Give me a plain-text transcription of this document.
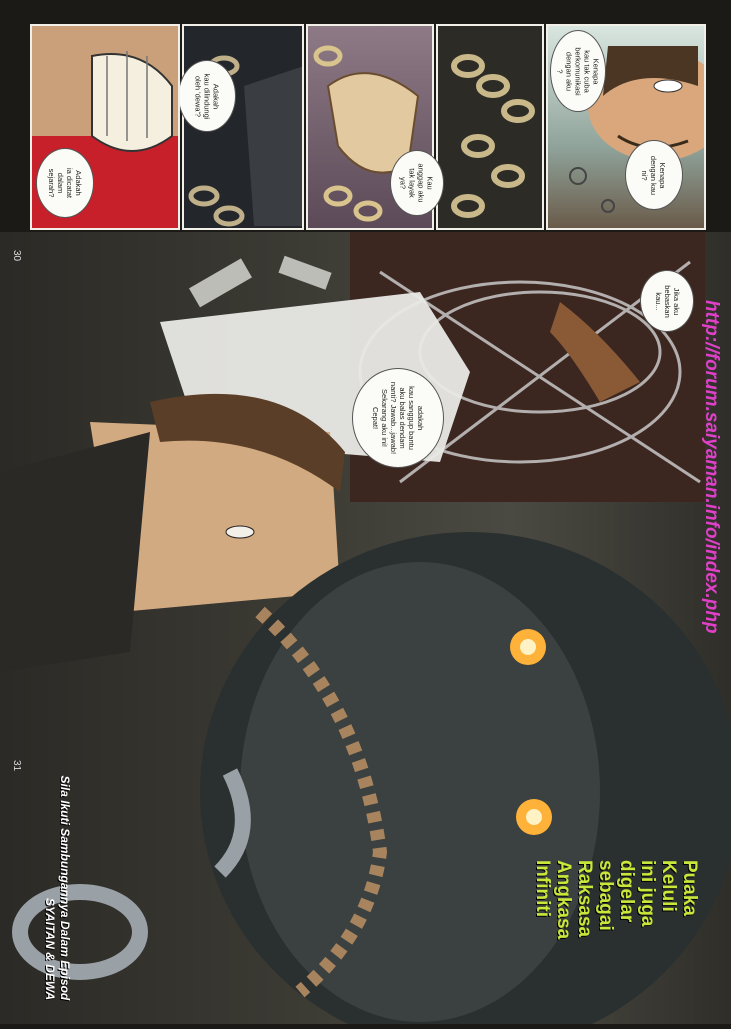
Kenapa
dengan kau
ni?
Kenapa
kau tak cuba
berkomunikasi
dengan aku
?
Kau
anggap aku
tak layak
ya?
Adakah
kau dilindungi
oleh 'dewa'?
Adakah
ia dicatat dalam
sejarah?
Jika aku
bebaskan
kau...
adakah
kau sanggup bantu
aku balas dendam
nanti? Jawab...jawab!
Sekarang aku ini!
Cepat!
30
31
http://forum.saiyaman.info/index.php
Puaka
Keluli
ini juga
digelar
sebagai
Raksasa
Angkasa
Infiniti
Sila Ikuti Sambungannya Dalam Episod
SYAITAN & DEWA
